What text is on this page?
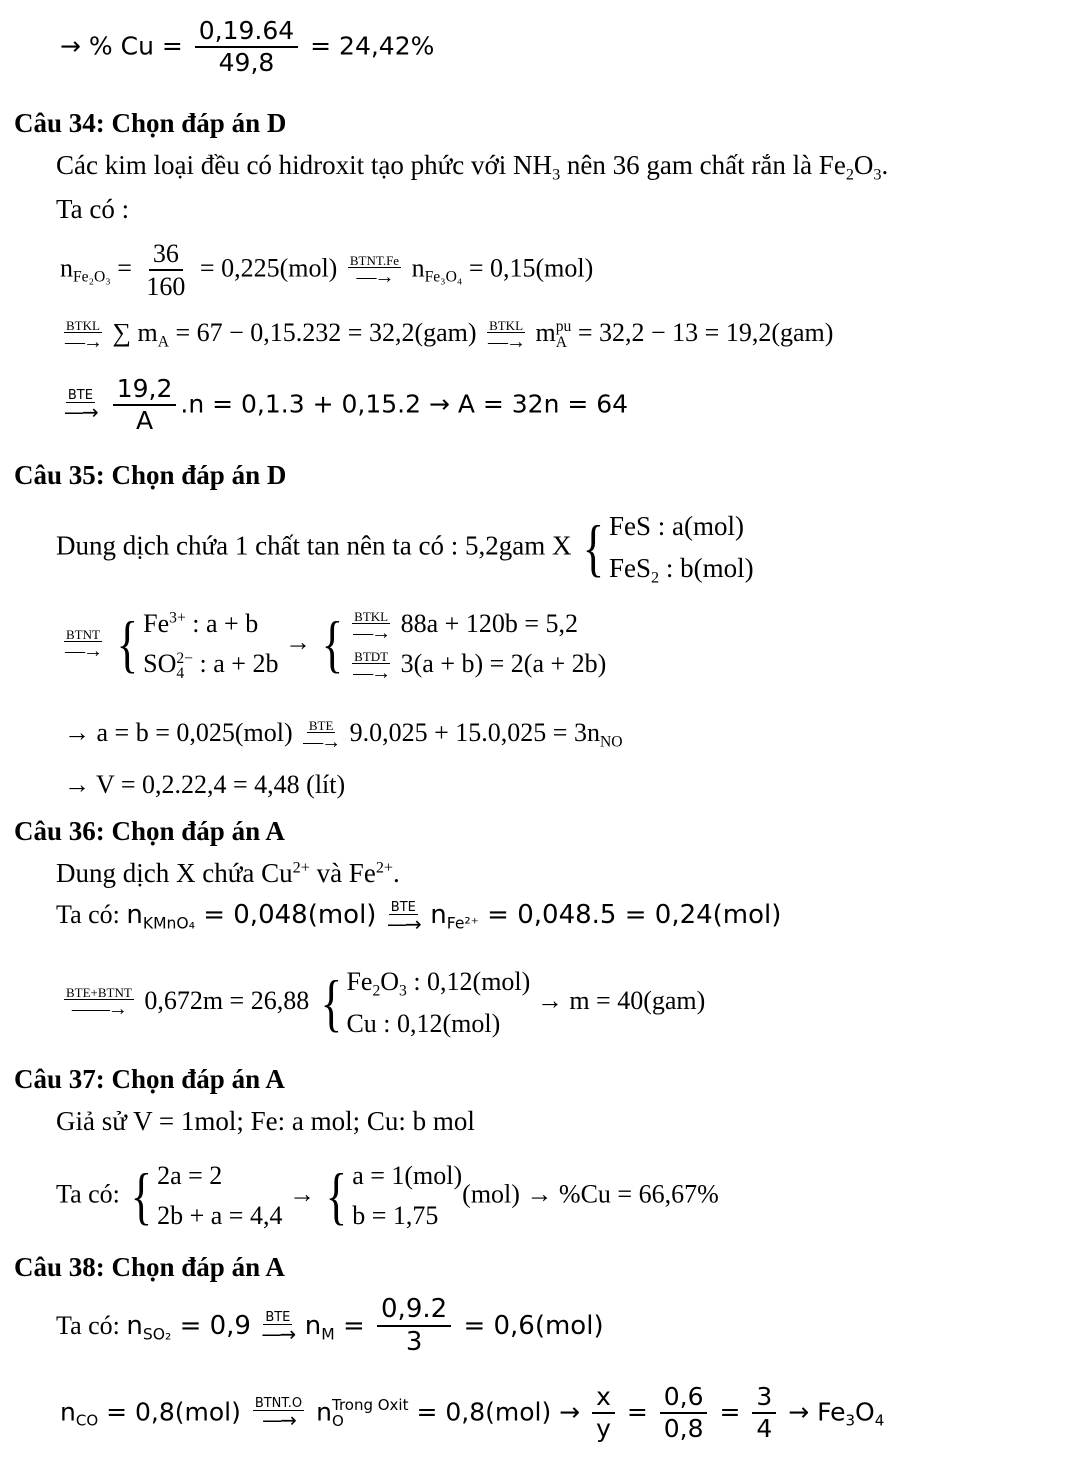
→ % $Cu = \frac{0,19.64}{49,8} = 24,42\%$
Câu 34: Chọn đáp án D
Các kim loại đều có hidroxit tạo phức với $NH_3$ nên 36 gam chất rắn là $Fe_2O_3$.
Ta có :
$n_{Fe_2O_3} = \frac{36}{160} = 0,225(mol)$ BTNT.Fe
—→ $n_{Fe_3O_4} = 0,15(mol)$
BTKL
—→ ∑ $m_A = 67 - 0,15.232 = 32,2(gam)$ BTKL
—→ m pu
A = 32,2 − 13 = 19,2(gam)
BTE
—→
$\frac{19,2}{A} .n = 0,1.3 + 0,15.2 \to A = 32n = 64$
Câu 35: Chọn đáp án D
Dung dịch chứa 1 chất tan nên ta có : 5,2gam X { FeS : a(mol)
FeS$_2$ : b(mol)
BTNT
—→
{ $Fe^{3+}$ : a + b
SO 2−
4 : a + 2b
→ { BTKL
—→ 88a + 120b = 5,2
BTDT
—→ 3(a + b) = 2(a + 2b)
→ a = b = 0,025(mol) BTE
—→ $9.0,025 + 15.0,025 = 3n_{NO}$
→ V = 0,2.22,4 = 4,48 (lít)
Câu 36: Chọn đáp án A
Dung dịch X chứa $Cu^{2+}$ và $Fe^{2+}$.
Ta có: $n_{KMnO_4} = 0,048(mol)$ BTE
—→ $n_{Fe^{2+}} = 0,048.5 = 0,24(mol)$
BTE+BTNT
——→ 0,672m = 26,88 { $Fe_2O_3$ : 0,12(mol)
Cu : 0,12(mol)
→ m = 40(gam)
Câu 37: Chọn đáp án A
Giả sử V = 1mol; Fe: a mol; Cu: b mol
Ta có: { 2a = 2
2b + a = 4,4
→ { a = 1(mol)
b = 1,75
(mol) → %Cu = 66,67%
Câu 38: Chọn đáp án A
Ta có: $n_{SO_2} = 0,9$ BTE
—→ $n_M = \frac{0,9.2}{3} = 0,6(mol)$
$n_{CO} = 0,8(mol)$ BTNT.O
—→ n Trong Oxit
O	= $0,8(mol) \to \frac{x}{y} = \frac{0,6}{0,8} = \frac{3}{4} \to Fe_3O_4$
